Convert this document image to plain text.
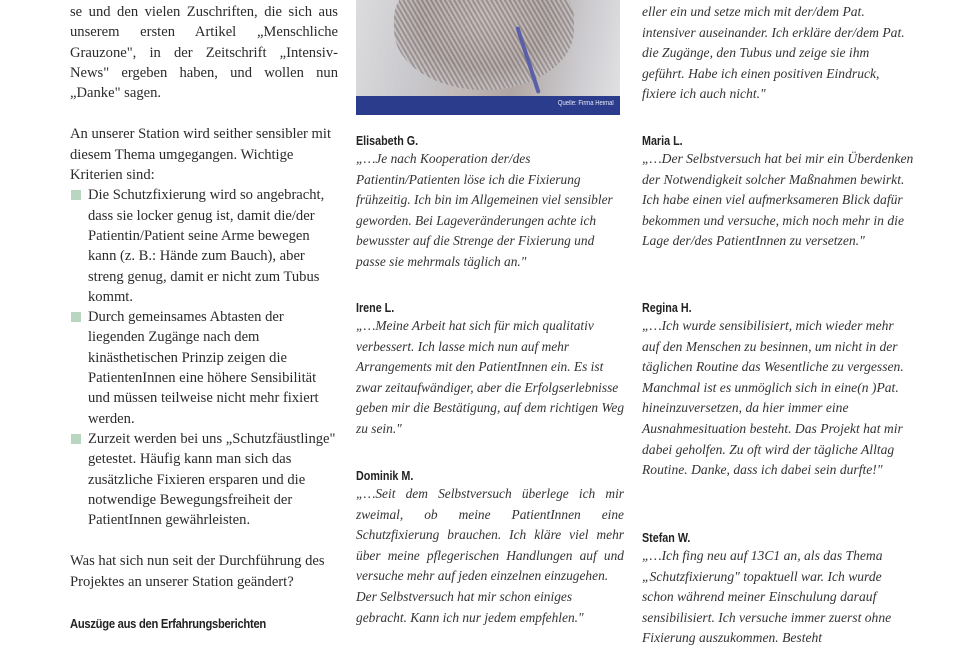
se und den vielen Zuschriften, die sich aus unserem ersten Artikel „Menschliche Grauzone", in der Zeitschrift „Intensiv-News" ergeben haben, und wollen nun „Danke" sagen.

An unserer Station wird seither sensibler mit diesem Thema umgegangen. Wichtige Kriterien sind:

Die Schutzfixierung wird so angebracht, dass sie locker genug ist, damit die/der Patientin/Patient seine Arme bewegen kann (z. B.: Hände zum Bauch), aber streng genug, damit er nicht zum Tubus kommt.
Durch gemeinsames Abtasten der liegenden Zugänge nach dem kinästhetischen Prinzip zeigen die PatientenInnen eine höhere Sensibilität und müssen teilweise nicht mehr fixiert werden.
Zurzeit werden bei uns „Schutzfäustlinge" getestet. Häufig kann man sich das zusätzliche Fixieren ersparen und die notwendige Bewegungsfreiheit der PatientInnen gewährleisten.

Was hat sich nun seit der Durchführung des Projektes an unserer Station geändert?

Auszüge aus den Erfahrungsberichten
Quelle: Firma Heimal
Elisabeth G.

„…Je nach Kooperation der/des Patientin/Patienten löse ich die Fixierung frühzeitig. Ich bin im Allgemeinen viel sensibler geworden. Bei Lageveränderungen achte ich bewusster auf die Strenge der Fixierung und passe sie mehrmals täglich an."

Irene L.

„…Meine Arbeit hat sich für mich qualitativ verbessert. Ich lasse mich nun auf mehr Arrangements mit den PatientInnen ein. Es ist zwar zeitaufwändiger, aber die Erfolgserlebnisse geben mir die Bestätigung, auf dem richtigen Weg zu sein."

Dominik M.

„…Seit dem Selbstversuch überlege ich mir zweimal, ob meine PatientInnen eine Schutzfixierung brauchen. Ich kläre viel mehr über meine pflegerischen Handlungen auf und versuche mehr auf jeden einzelnen einzugehen.

Der Selbstversuch hat mir schon einiges gebracht. Kann ich nur jedem empfehlen."

eller ein und setze mich mit der/dem Pat. intensiver auseinander. Ich erkläre der/dem Pat. die Zugänge, den Tubus und zeige sie ihm geführt. Habe ich einen positiven Eindruck, fixiere ich auch nicht."

Maria L.

„…Der Selbstversuch hat bei mir ein Überdenken der Notwendigkeit solcher Maßnahmen bewirkt. Ich habe einen viel aufmerksameren Blick dafür bekommen und versuche, mich noch mehr in die Lage der/des PatientInnen zu versetzen."

Regina H.

„…Ich wurde sensibilisiert, mich wieder mehr auf den Menschen zu besinnen, um nicht in der täglichen Routine das Wesentliche zu vergessen. Manchmal ist es unmöglich sich in eine(n )Pat. hineinzuversetzen, da hier immer eine Ausnahmesituation besteht. Das Projekt hat mir dabei geholfen. Zu oft wird der tägliche Alltag Routine. Danke, dass ich dabei sein durfte!"

Stefan W.

„…Ich fing neu auf 13C1 an, als das Thema „Schutzfixierung" topaktuell war. Ich wurde schon während meiner Einschulung darauf sensibilisiert. Ich versuche immer zuerst ohne Fixierung auszukommen. Besteht
